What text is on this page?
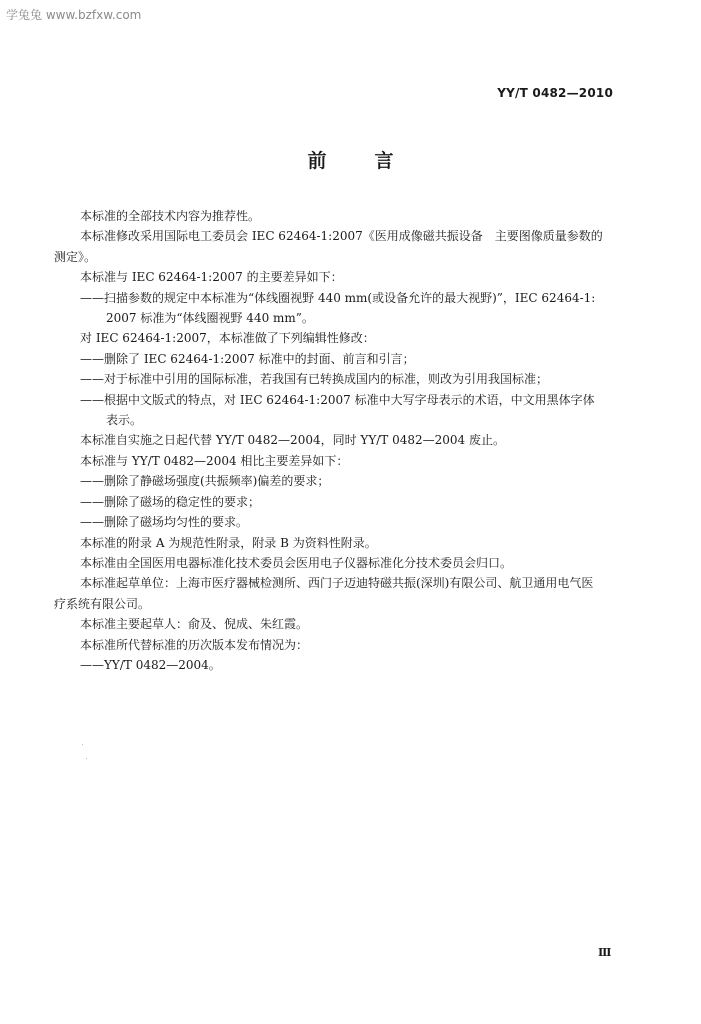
学兔兔 www.bzfxw.com
YY/T 0482—2010
前言

本标准的全部技术内容为推荐性。

本标准修改采用国际电工委员会 IEC 62464-1:2007《医用成像磁共振设备　主要图像质量参数的

测定》。

本标准与 IEC 62464-1:2007 的主要差异如下：

——扫描参数的规定中本标准为“体线圈视野 440 mm(或设备允许的最大视野)”，IEC 62464-1:

2007 标准为“体线圈视野 440 mm”。

对 IEC 62464-1:2007，本标准做了下列编辑性修改：

——删除了 IEC 62464-1:2007 标准中的封面、前言和引言；

——对于标准中引用的国际标准，若我国有已转换成国内的标准，则改为引用我国标准；

——根据中文版式的特点，对 IEC 62464-1:2007 标准中大写字母表示的术语，中文用黑体字体

表示。

本标准自实施之日起代替 YY/T 0482—2004，同时 YY/T 0482—2004 废止。

本标准与 YY/T 0482—2004 相比主要差异如下：

——删除了静磁场强度(共振频率)偏差的要求；

——删除了磁场的稳定性的要求；

——删除了磁场均匀性的要求。

本标准的附录 A 为规范性附录，附录 B 为资料性附录。

本标准由全国医用电器标准化技术委员会医用电子仪器标准化分技术委员会归口。

本标准起草单位：上海市医疗器械检测所、西门子迈迪特磁共振(深圳)有限公司、航卫通用电气医

疗系统有限公司。

本标准主要起草人：俞及、倪成、朱红霞。

本标准所代替标准的历次版本发布情况为：

——YY/T 0482—2004。

Ⅲ
